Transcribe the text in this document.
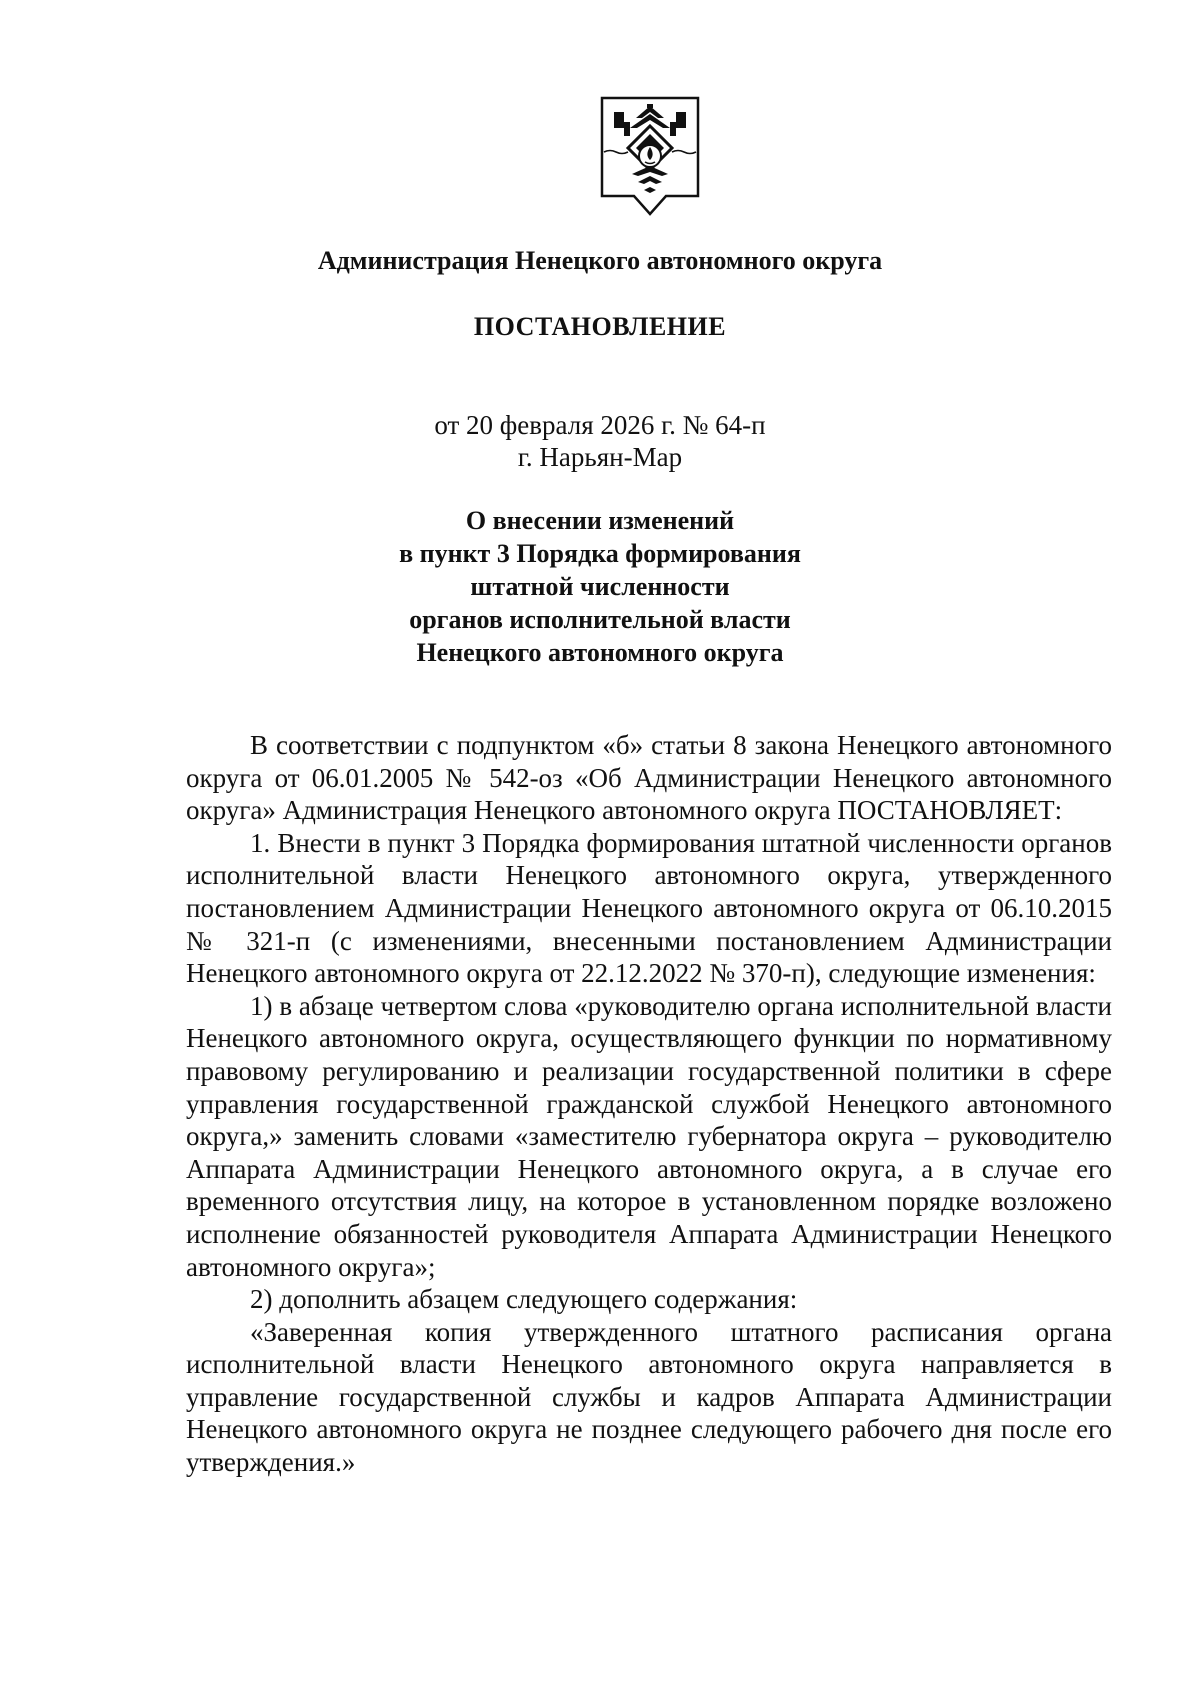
Администрация Ненецкого автономного округа
ПОСТАНОВЛЕНИЕ
от 20 февраля 2026 г. № 64-п
г. Нарьян-Мар
О внесении изменений
в пункт 3 Порядка формирования
штатной численности
органов исполнительной власти
Ненецкого автономного округа

В соответствии с подпунктом «б» статьи 8 закона Ненецкого автономного округа от 06.01.2005 № 542-оз «Об Администрации Ненецкого автономного округа» Администрация Ненецкого автономного округа ПОСТАНОВЛЯЕТ:

1. Внести в пункт 3 Порядка формирования штатной численности органов исполнительной власти Ненецкого автономного округа, утвержденного постановлением Администрации Ненецкого автономного округа от 06.10.2015 № 321-п (с изменениями, внесенными постановлением Администрации Ненецкого автономного округа от 22.12.2022 № 370-п), следующие изменения:

1) в абзаце четвертом слова «руководителю органа исполнительной власти Ненецкого автономного округа, осуществляющего функции по нормативному правовому регулированию и реализации государственной политики в сфере управления государственной гражданской службой Ненецкого автономного округа,» заменить словами «заместителю губернатора округа – руководителю Аппарата Администрации Ненецкого автономного округа, а в случае его временного отсутствия лицу, на которое в установленном порядке возложено исполнение обязанностей руководителя Аппарата Администрации Ненецкого автономного округа»;

2) дополнить абзацем следующего содержания:

«Заверенная копия утвержденного штатного расписания органа исполнительной власти Ненецкого автономного округа направляется в управление государственной службы и кадров Аппарата Администрации Ненецкого автономного округа не позднее следующего рабочего дня после его утверждения.»
